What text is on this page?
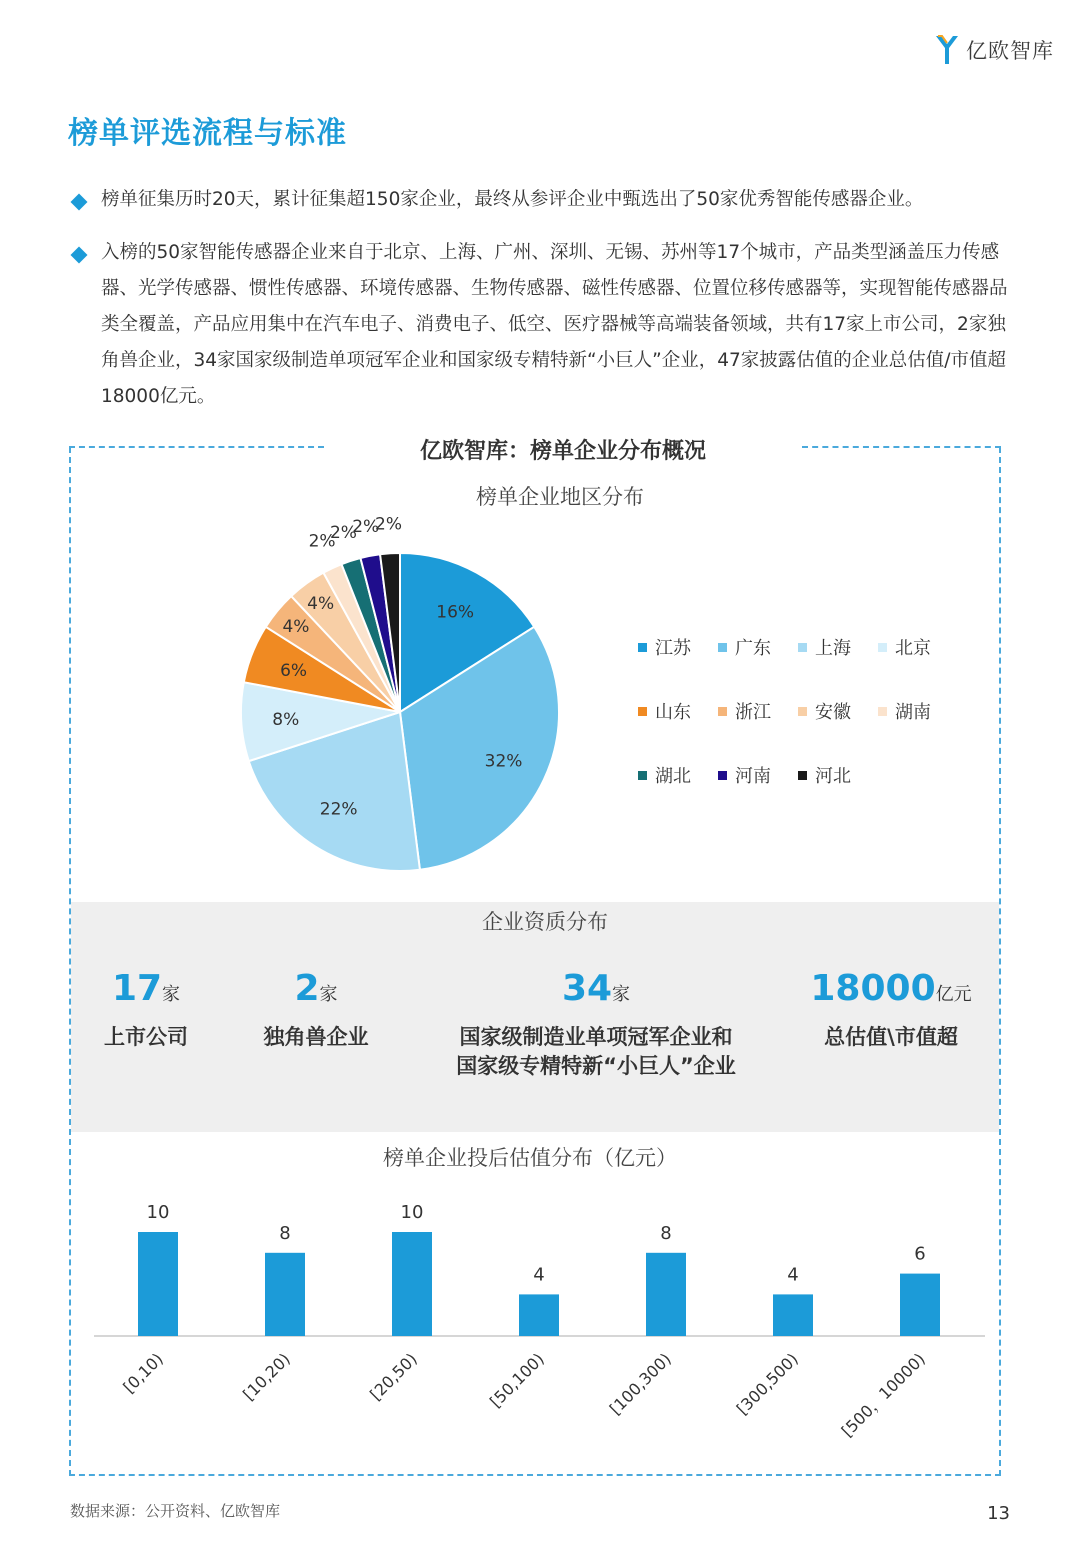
亿欧智库
榜单评选流程与标准
榜单征集历时20天，累计征集超150家企业，最终从参评企业中甄选出了50家优秀智能传感器企业。
入榜的50家智能传感器企业来自于北京、上海、广州、深圳、无锡、苏州等17个城市，产品类型涵盖压力传感器、光学传感器、惯性传感器、环境传感器、生物传感器、磁性传感器、位置位移传感器等，实现智能传感器品类全覆盖，产品应用集中在汽车电子、消费电子、低空、医疗器械等高端装备领域，共有17家上市公司，2家独角兽企业，34家国家级制造单项冠军企业和国家级专精特新“小巨人”企业，47家披露估值的企业总估值/市值超18000亿元。
亿欧智库：榜单企业分布概况
榜单企业地区分布
16%
32%
22%
8%
6%
4%
4%
2%
2%
2%
2%
江苏 广东 上海 北京
山东 浙江 安徽 湖南
湖北 河南 河北
企业资质分布
17家
上市公司
2家
独角兽企业
34家
国家级制造业单项冠军企业和
国家级专精特新“小巨人”企业
18000亿元
总估值\市值超
榜单企业投后估值分布（亿元）
10
[0,10)
8
[10,20)
10
[20,50)
4
[50,100)
8
[100,300)
4
[300,500)
6
[500，10000)
数据来源：公开资料、亿欧智库	13
